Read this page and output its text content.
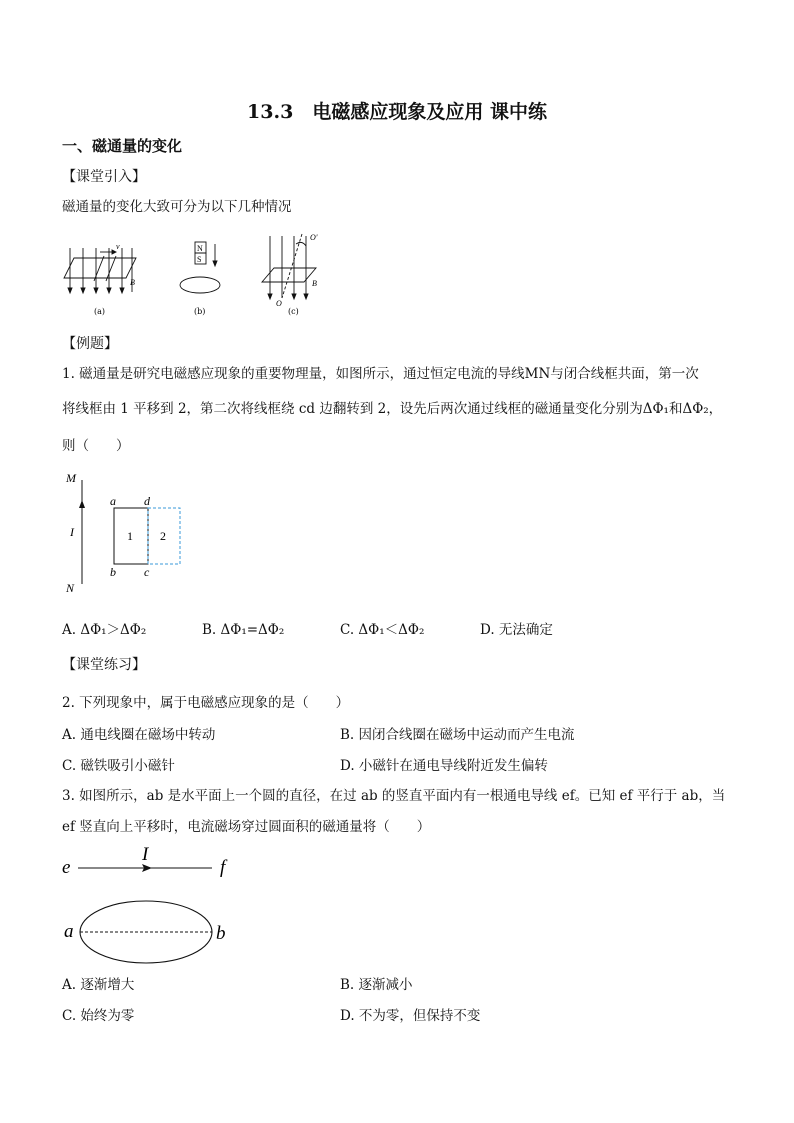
13.3　电磁感应现象及应用 课中练
一、磁通量的变化
【课堂引入】
磁通量的变化大致可分为以下几种情况
v
B
(a)
N
S
(b)
O'
O
B
(c)
【例题】
1. 磁通量是研究电磁感应现象的重要物理量，如图所示，通过恒定电流的导线MN与闭合线框共面，第一次
将线框由 1 平移到 2，第二次将线框绕 cd 边翻转到 2，设先后两次通过线框的磁通量变化分别为ΔΦ₁和ΔΦ₂，
则（　　）
M
N
I
a d
b c
1 2
A. ΔΦ₁＞ΔΦ₂	B. ΔΦ₁=ΔΦ₂	C. ΔΦ₁＜ΔΦ₂	D. 无法确定
【课堂练习】
2. 下列现象中，属于电磁感应现象的是（　　）
A. 通电线圈在磁场中转动	B. 因闭合线圈在磁场中运动而产生电流
C. 磁铁吸引小磁针	D. 小磁针在通电导线附近发生偏转
3. 如图所示，ab 是水平面上一个圆的直径，在过 ab 的竖直平面内有一根通电导线 ef。已知 ef 平行于 ab，当
ef 竖直向上平移时，电流磁场穿过圆面积的磁通量将（　　）
e	f
I
a	b
A. 逐渐增大	B. 逐渐减小
C. 始终为零	D. 不为零，但保持不变
